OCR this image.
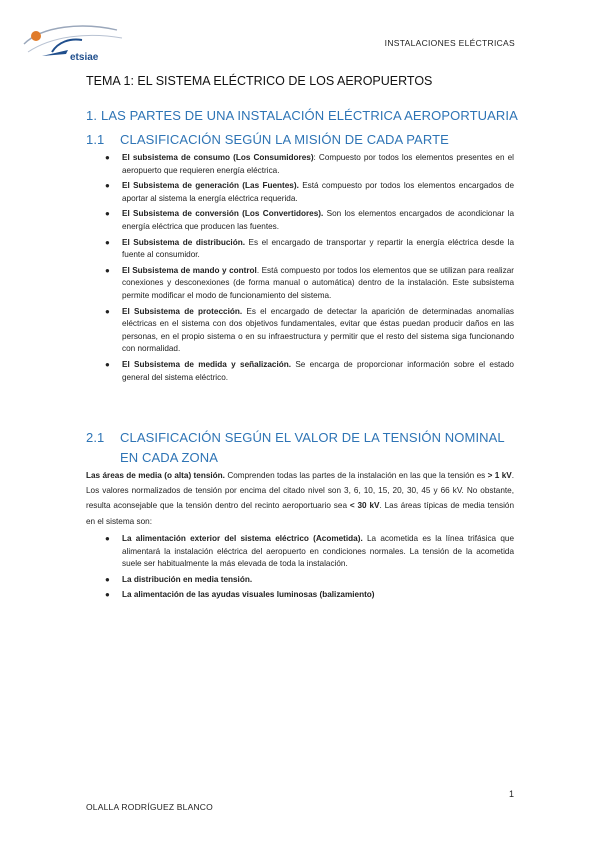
etsiae
INSTALACIONES ELÉCTRICAS
TEMA 1: EL SISTEMA ELÉCTRICO DE LOS AEROPUERTOS
1. LAS PARTES DE UNA INSTALACIÓN ELÉCTRICA AEROPORTUARIA
1.1 CLASIFICACIÓN SEGÚN LA MISIÓN DE CADA PARTE
● El subsistema de consumo (Los Consumidores): Compuesto por todos los elementos presentes en el aeropuerto que requieren energía eléctrica.
● El Subsistema de generación (Las Fuentes). Está compuesto por todos los elementos encargados de aportar al sistema la energía eléctrica requerida.
● El Subsistema de conversión (Los Convertidores). Son los elementos encargados de acondicionar la energía eléctrica que producen las fuentes.
● El Subsistema de distribución. Es el encargado de transportar y repartir la energía eléctrica desde la fuente al consumidor.
● El Subsistema de mando y control. Está compuesto por todos los elementos que se utilizan para realizar conexiones y desconexiones (de forma manual o automática) dentro de la instalación. Este subsistema permite modificar el modo de funcionamiento del sistema.
● El Subsistema de protección. Es el encargado de detectar la aparición de determinadas anomalías eléctricas en el sistema con dos objetivos fundamentales, evitar que éstas puedan producir daños en las personas, en el propio sistema o en su infraestructura y permitir que el resto del sistema siga funcionando con normalidad.
● El Subsistema de medida y señalización. Se encarga de proporcionar información sobre el estado general del sistema eléctrico.
2.1 CLASIFICACIÓN SEGÚN EL VALOR DE LA TENSIÓN NOMINAL
EN CADA ZONA
Las áreas de media (o alta) tensión. Comprenden todas las partes de la instalación en las que la tensión es > 1 kV. Los valores normalizados de tensión por encima del citado nivel son 3, 6, 10, 15, 20, 30, 45 y 66 kV. No obstante, resulta aconsejable que la tensión dentro del recinto aeroportuario sea < 30 kV. Las áreas típicas de media tensión en el sistema son:
● La alimentación exterior del sistema eléctrico (Acometida). La acometida es la línea trifásica que alimentará la instalación eléctrica del aeropuerto en condiciones normales. La tensión de la acometida suele ser habitualmente la más elevada de toda la instalación.
● La distribución en media tensión.
● La alimentación de las ayudas visuales luminosas (balizamiento)
1
OLALLA RODRÍGUEZ BLANCO
